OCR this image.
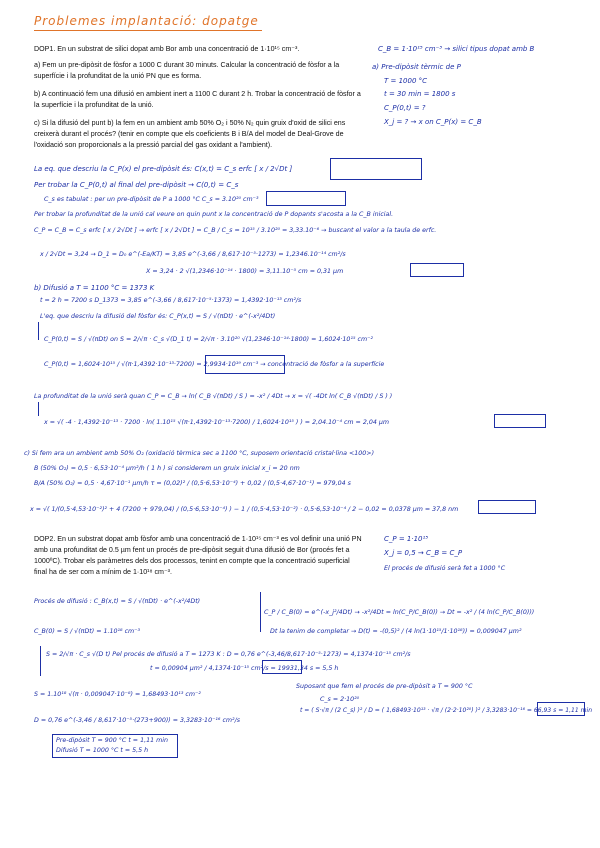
Problemes implantació: dopatge
DOP1. En un substrat de silici dopat amb Bor amb una concentració de 1·10¹⁵ cm⁻³.
a) Fem un pre-dipòsit de fòsfor a 1000 C durant 30 minuts. Calcular la concentració de fòsfor a la superfície i la profunditat de la unió PN que es forma.
b) A continuació fem una difusió en ambient inert a 1100 C durant 2 h. Trobar la concentració de fòsfor a la superfície i la profunditat de la unió.
c) Si la difusió del punt b) la fem en un ambient amb 50% O₂ i 50% N₂ quin gruix d'oxid de silici ens creixerà durant el procés? (tenir en compte que els coeficients B i B/A del model de Deal-Grove de l'oxidació son proporcionals a la pressió parcial del gas oxidant a l'ambient).
C_B = 1·10¹⁵ cm⁻³ → silici tipus dopat amb B
a) Pre-dipòsit tèrmic de P
T = 1000 °C
t = 30 min = 1800 s
C_P(0,t) = ?
X_j = ? → x on C_P(x) = C_B
La eq. que descriu la C_P(x) el pre-dipòsit és: C(x,t) = C_s erfc [ x / 2√Dt ]
Per trobar la C_P(0,t) al final del pre-dipòsit → C(0,t) = C_s
C_s es tabulat : per un pre-dipòsit de P a 1000 °C C_s = 3.10²⁰ cm⁻³
Per trobar la profunditat de la unió cal veure on quin punt x la concentració de P dopants s'acosta a la C_B inicial.
C_P = C_B = C_s erfc [ x / 2√Dt ] → erfc [ x / 2√Dt ] = C_B / C_s = 10¹⁵ / 3.10²⁰ = 3,33.10⁻⁶ → buscant el valor a la taula de erfc.
x / 2√Dt = 3,24 → D_1 = D₀ e^(-Ea/KT) = 3,85 e^(-3,66 / 8,617·10⁻⁵·1273) = 1,2346.10⁻¹⁴ cm²/s
X = 3,24 · 2 √(1,2346·10⁻¹⁴ · 1800) = 3,11.10⁻⁵ cm = 0,31 µm
b) Difusió a T = 1100 °C = 1373 K
t = 2 h = 7200 s D_1373 = 3,85 e^(-3,66 / 8,617·10⁻⁵·1373) = 1,4392·10⁻¹³ cm²/s
L'eq. que descriu la difusió del fòsfor és: C_P(x,t) = S / √(πDt) · e^(-x²/4Dt)
C_P(0,t) = S / √(πDt) on S = 2/√π · C_s √(D_1 t) = 2/√π · 3.10²⁰ √(1,2346·10⁻¹⁴·1800) = 1,6024·10¹⁵ cm⁻²
C_P(0,t) = 1,6024·10¹⁵ / √(π·1,4392·10⁻¹³·7200) = 2,9934·10¹⁹ cm⁻³ → concentració de fòsfor a la superfície
La profunditat de la unió serà quan C_P = C_B → ln( C_B √(πDt) / S ) = -x² / 4Dt → x = √( -4Dt ln( C_B √(πDt) / S ) )
x = √( -4 · 1,4392·10⁻¹³ · 7200 · ln( 1.10¹⁵ √(π·1,4392·10⁻¹³·7200) / 1,6024·10¹⁵ ) ) = 2,04.10⁻⁴ cm = 2,04 µm
c) Si fem ara un ambient amb 50% O₂ (oxidació tèrmica sec a 1100 °C, suposem orientació cristal·lina <100>)
B (50% O₂) = 0,5 · 6,53·10⁻⁴ µm²/h ( 1 h ) si considerem un gruix inicial x_i = 20 nm
B/A (50% O₂) = 0,5 · 4,67·10⁻¹ µm/h τ = (0,02)² / (0,5·6,53·10⁻⁴) + 0,02 / (0,5·4,67·10⁻¹) = 979,04 s
x = √( 1/(0,5·4,53·10⁻²)² + 4 (7200 + 979,04) / (0,5·6,53·10⁻⁴) ) − 1 / (0,5·4,53·10⁻²) · 0,5·6,53·10⁻⁴ / 2 − 0,02 = 0,0378 µm = 37,8 nm
DOP2. En un substrat dopat amb fòsfor amb una concentració de 1·10¹⁵ cm⁻³ es vol definir una unió PN amb una profunditat de 0.5 µm fent un procés de pre-dipòsit seguit d'una difusió de Bor (procés fet a 1000ºC). Trobar els paràmetres dels dos processos, tenint en compte que la concentració superficial final ha de ser com a mínim de 1·10¹⁸ cm⁻³.
C_P = 1·10¹⁵
X_j = 0,5 → C_B = C_P
El procés de difusió serà fet a 1000 °C
Procés de difusió : C_B(x,t) = S / √(πDt) · e^(-x²/4Dt)
C_P / C_B(0) = e^(-x_j²/4Dt) → -x²/4Dt = ln(C_P/C_B(0)) → Dt = -x² / (4 ln(C_P/C_B(0)))
C_B(0) = S / √(πDt) = 1.10¹⁸ cm⁻³	Dt la tenim de completar → D(t) = -(0,5)² / (4 ln(1·10¹⁵/1·10¹⁸)) = 0,009047 µm²
S = 2/√π · C_s √(D t) Pel procés de difusió a T = 1273 K : D = 0,76 e^(-3,46/8,617·10⁻⁵·1273) = 4,1374·10⁻¹⁵ cm²/s
t = 0,00904 µm² / 4,1374·10⁻¹⁵ cm²/s = 19931,34 s = 5,5 h
S = 1.10¹⁸ √(π · 0,009047·10⁻⁸) = 1,68493·10¹³ cm⁻²
D = 0,76 e^(-3,46 / 8,617·10⁻⁵·(273+900)) = 3,3283·10⁻¹⁶ cm²/s
Suposant que fem el procés de pre-dipòsit a T = 900 °C
C_s = 2·10²⁰
t = ( S·√π / (2 C_s) )² / D = ( 1,68493·10¹³ · √π / (2·2·10²⁰) )² / 3,3283·10⁻¹⁶ = 66,93 s = 1,11 min
Pre-dipòsit T = 900 °C t = 1,11 min
Difusió T = 1000 °C t = 5,5 h
